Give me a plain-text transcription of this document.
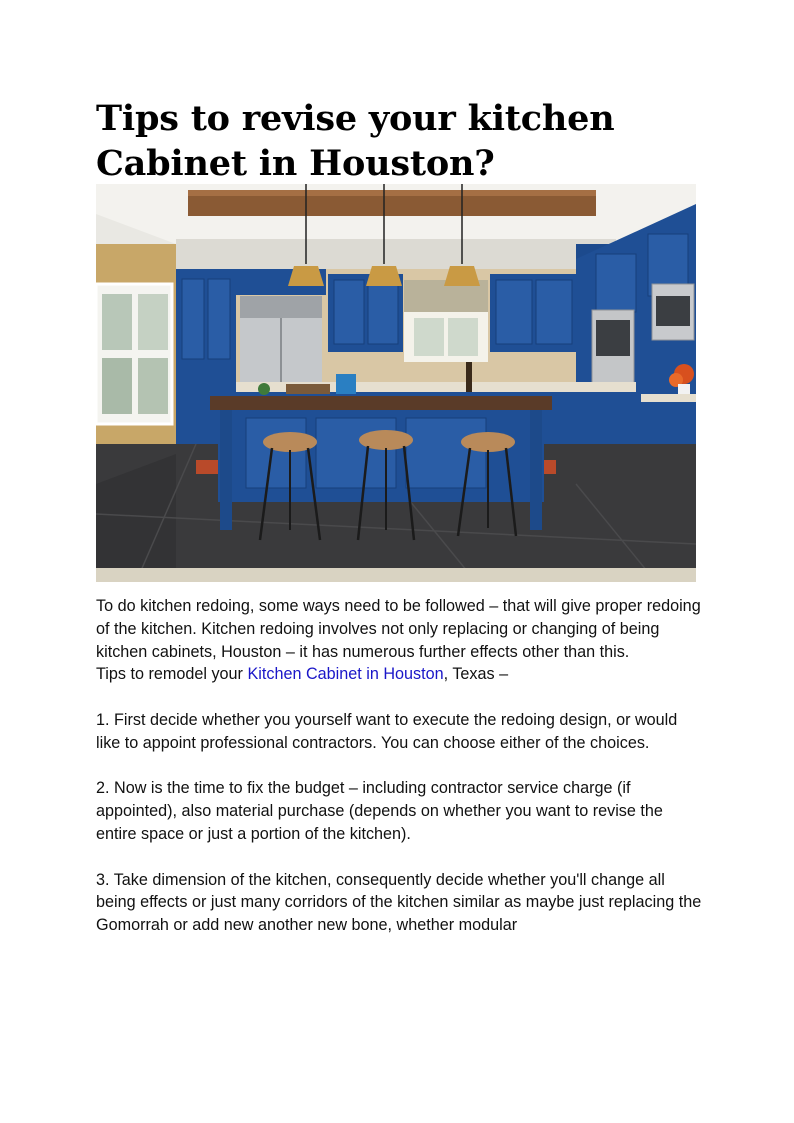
Tips to revise your kitchen Cabinet in Houston?

To do kitchen redoing, some ways need to be followed – that will give proper redoing of the kitchen. Kitchen redoing involves not only replacing or changing of being kitchen cabinets, Houston – it has numerous further effects other than this.

Tips to remodel your Kitchen Cabinet in Houston, Texas –

1. First decide whether you yourself want to execute the redoing design, or would like to appoint professional contractors. You can choose either of the choices.

2. Now is the time to fix the budget – including contractor service charge (if appointed), also material purchase (depends on whether you want to revise the entire space or just a portion of the kitchen).

3. Take dimension of the kitchen, consequently decide whether you'll change all being effects or just many corridors of the kitchen similar as maybe just replacing the Gomorrah or add new another new bone, whether modular
